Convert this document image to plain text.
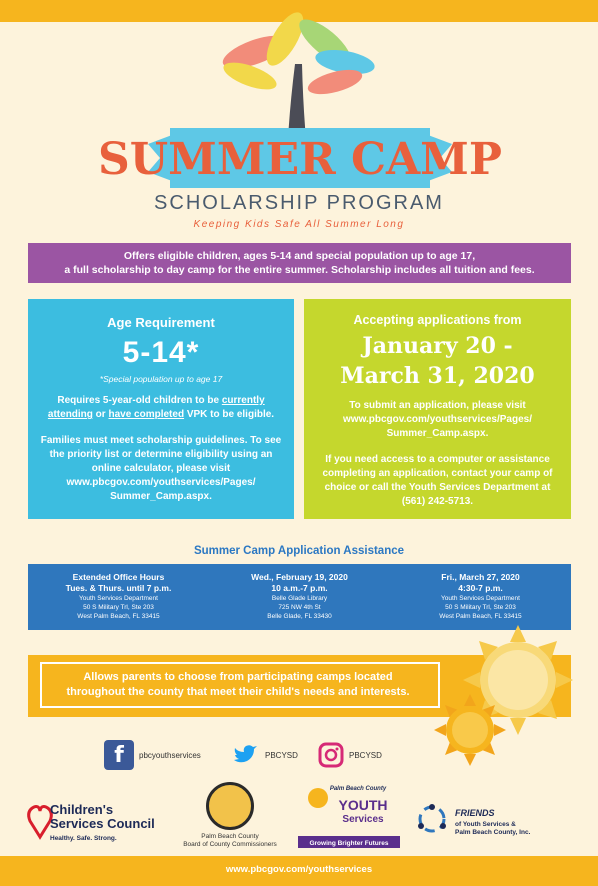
SUMMER CAMP
SCHOLARSHIP PROGRAM
Keeping Kids Safe All Summer Long
Offers eligible children, ages 5-14 and special population up to age 17,
a full scholarship to day camp for the entire summer. Scholarship includes all tuition and fees.
Age Requirement
5-14*
*Special population up to age 17
Requires 5-year-old children to be currently attending or have completed VPK to be eligible.
Families must meet scholarship guidelines. To see the priority list or determine eligibility using an online calculator, please visit www.pbcgov.com/youthservices/Pages/ Summer_Camp.aspx.
Accepting applications from
January 20 -
March 31, 2020
To submit an application, please visit www.pbcgov.com/youthservices/Pages/ Summer_Camp.aspx.
If you need access to a computer or assistance completing an application, contact your camp of choice or call the Youth Services Department at (561) 242-5713.
Summer Camp Application Assistance
Extended Office Hours
Tues. & Thurs. until 7 p.m.
Youth Services Department
50 S Military Trl, Ste 203
West Palm Beach, FL 33415
Wed., February 19, 2020
10 a.m.-7 p.m.
Belle Glade Library
725 NW 4th St
Belle Glade, FL 33430
Fri., March 27, 2020
4:30-7 p.m.
Youth Services Department
50 S Military Trl, Ste 203
West Palm Beach, FL 33415
Allows parents to choose from participating camps located
throughout the county that meet their child's needs and interests.
f	pbcyouthservices	PBCYSD	PBCYSD
Children's
Services Council
Healthy. Safe. Strong.	Palm Beach County
Board of County Commissioners
Palm Beach County
YOUTH
Services
Growing Brighter Futures
FRIENDS
of Youth Services &
Palm Beach County, Inc.
www.pbcgov.com/youthservices
